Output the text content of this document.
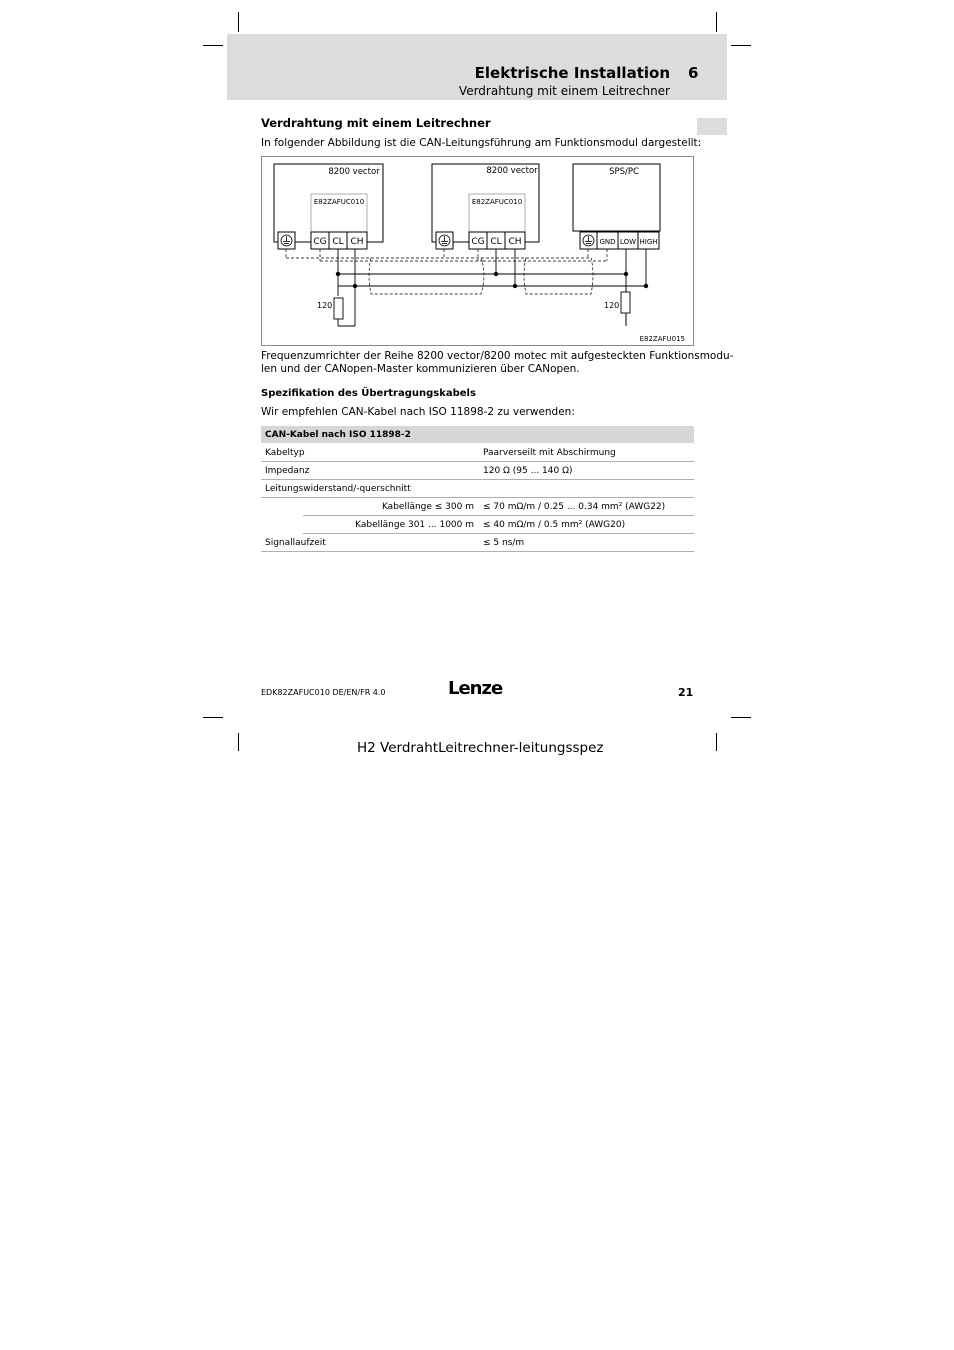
Elektrische Installation 6
Verdrahtung mit einem Leitrechner
Verdrahtung mit einem Leitrechner
In folgender Abbildung ist die CAN-Leitungsführung am Funktionsmodul dargestellt:
8200 vector
E82ZAFUC010
CG CL CH
8200 vector
E82ZAFUC010
CG CL CH
SPS/PC
GND LOW HIGH
120	120
E82ZAFU015
Frequenzumrichter der Reihe 8200 vector/8200 motec mit aufgesteckten Funktionsmodu-
len und der CANopen-Master kommunizieren über CANopen.
Spezifikation des Übertragungskabels
Wir empfehlen CAN-Kabel nach ISO 11898-2 zu verwenden:
CAN-Kabel nach ISO 11898-2		
Kabeltyp		Paarverseilt mit Abschirmung
Impedanz		120 Ω (95 ... 140 Ω)
Leitungswiderstand/-querschnitt		
	Kabellänge ≤ 300 m	≤ 70 mΩ/m / 0.25 ... 0.34 mm² (AWG22)
	Kabellänge 301 ... 1000 m	≤ 40 mΩ/m / 0.5 mm² (AWG20)
Signallaufzeit		≤ 5 ns/m
EDK82ZAFUC010 DE/EN/FR 4.0	Lenze	21
H2 VerdrahtLeitrechner-leitungsspez
